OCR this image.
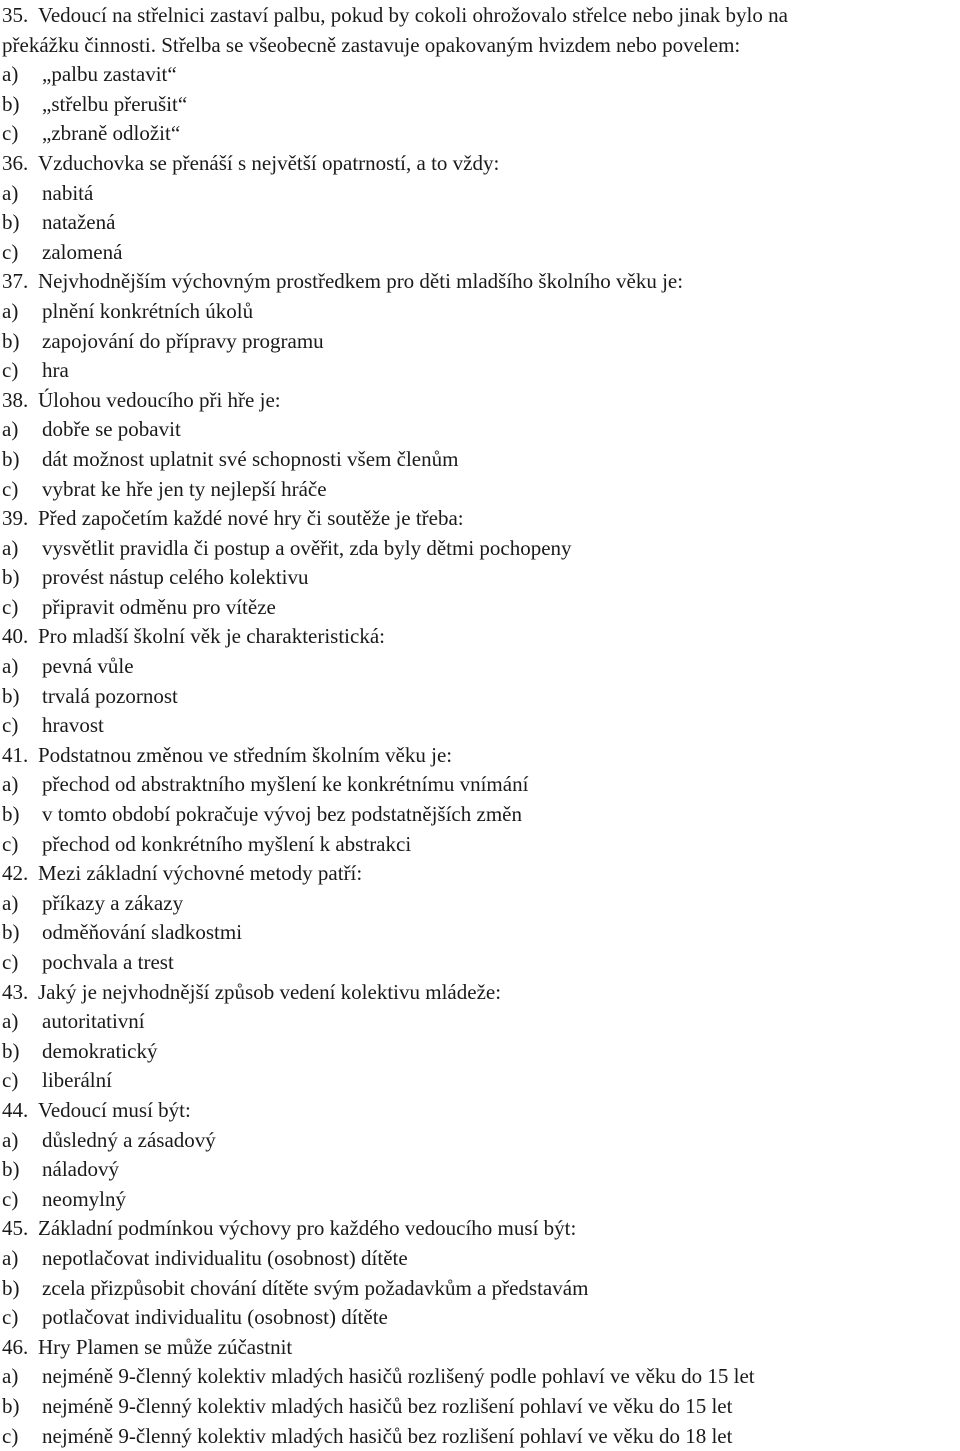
35. Vedoucí na střelnici zastaví palbu, pokud by cokoli ohrožovalo střelce nebo jinak bylo na
překážku činnosti. Střelba se všeobecně zastavuje opakovaným hvizdem nebo povelem:
a)	„palbu zastavit“
b)	„střelbu přerušit“
c)	„zbraně odložit“
36. Vzduchovka se přenáší s největší opatrností, a to vždy:
a)	nabitá
b)	natažená
c)	zalomená
37. Nejvhodnějším výchovným prostředkem pro děti mladšího školního věku je:
a)	plnění konkrétních úkolů
b)	zapojování do přípravy programu
c)	hra
38. Úlohou vedoucího při hře je:
a)	dobře se pobavit
b)	dát možnost uplatnit své schopnosti všem členům
c)	vybrat ke hře jen ty nejlepší hráče
39. Před započetím každé nové hry či soutěže je třeba:
a)	vysvětlit pravidla či postup a ověřit, zda byly dětmi pochopeny
b)	provést nástup celého kolektivu
c)	připravit odměnu pro vítěze
40. Pro mladší školní věk je charakteristická:
a)	pevná vůle
b)	trvalá pozornost
c)	hravost
41. Podstatnou změnou ve středním školním věku je:
a)	přechod od abstraktního myšlení ke konkrétnímu vnímání
b)	v tomto období pokračuje vývoj bez podstatnějších změn
c)	přechod od konkrétního myšlení k abstrakci
42. Mezi základní výchovné metody patří:
a)	příkazy a zákazy
b)	odměňování sladkostmi
c)	pochvala a trest
43. Jaký je nejvhodnější způsob vedení kolektivu mládeže:
a)	autoritativní
b)	demokratický
c)	liberální
44. Vedoucí musí být:
a)	důsledný a zásadový
b)	náladový
c)	neomylný
45. Základní podmínkou výchovy pro každého vedoucího musí být:
a)	nepotlačovat individualitu (osobnost) dítěte
b)	zcela přizpůsobit chování dítěte svým požadavkům a představám
c)	potlačovat individualitu (osobnost) dítěte
46. Hry Plamen se může zúčastnit
a)	nejméně 9-členný kolektiv mladých hasičů rozlišený podle pohlaví ve věku do 15 let
b)	nejméně 9-členný kolektiv mladých hasičů bez rozlišení pohlaví ve věku do 15 let
c)	nejméně 9-členný kolektiv mladých hasičů bez rozlišení pohlaví ve věku do 18 let
